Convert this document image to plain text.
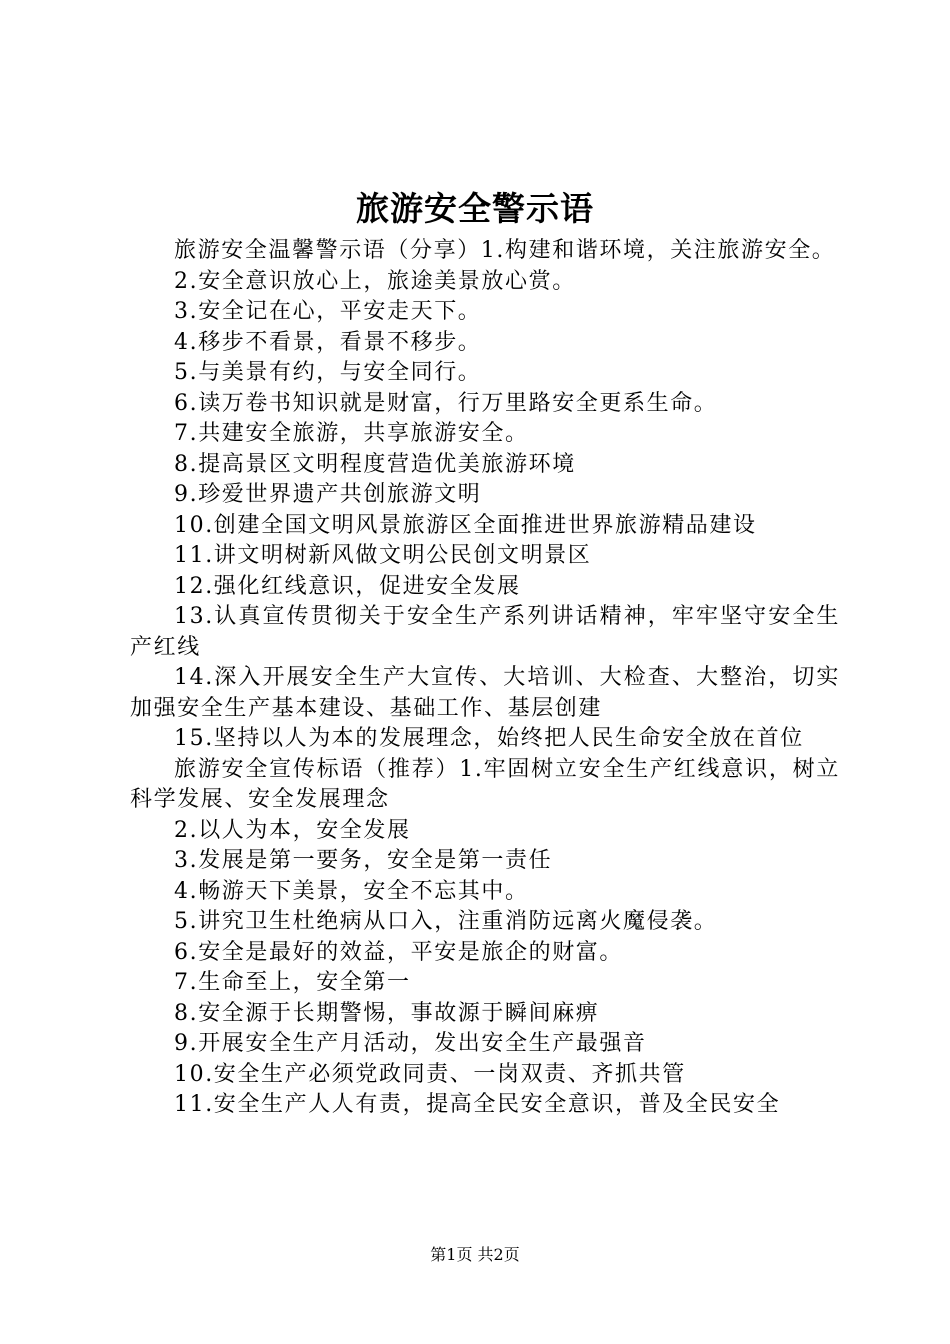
旅游安全警示语

旅游安全温馨警示语（分享）1.构建和谐环境，关注旅游安全。

2.安全意识放心上，旅途美景放心赏。

3.安全记在心，平安走天下。

4.移步不看景，看景不移步。

5.与美景有约，与安全同行。

6.读万卷书知识就是财富，行万里路安全更系生命。

7.共建安全旅游，共享旅游安全。

8.提高景区文明程度营造优美旅游环境

9.珍爱世界遗产共创旅游文明

10.创建全国文明风景旅游区全面推进世界旅游精品建设

11.讲文明树新风做文明公民创文明景区

12.强化红线意识，促进安全发展

13.认真宣传贯彻关于安全生产系列讲话精神，牢牢坚守安全生产红线

14.深入开展安全生产大宣传、大培训、大检查、大整治，切实加强安全生产基本建设、基础工作、基层创建

15.坚持以人为本的发展理念，始终把人民生命安全放在首位

旅游安全宣传标语（推荐）1.牢固树立安全生产红线意识，树立科学发展、安全发展理念

2.以人为本，安全发展

3.发展是第一要务，安全是第一责任

4.畅游天下美景，安全不忘其中。

5.讲究卫生杜绝病从口入，注重消防远离火魔侵袭。

6.安全是最好的效益，平安是旅企的财富。

7.生命至上，安全第一

8.安全源于长期警惕，事故源于瞬间麻痹

9.开展安全生产月活动，发出安全生产最强音

10.安全生产必须党政同责、一岗双责、齐抓共管

11.安全生产人人有责，提高全民安全意识，普及全民安全

第1页 共2页
